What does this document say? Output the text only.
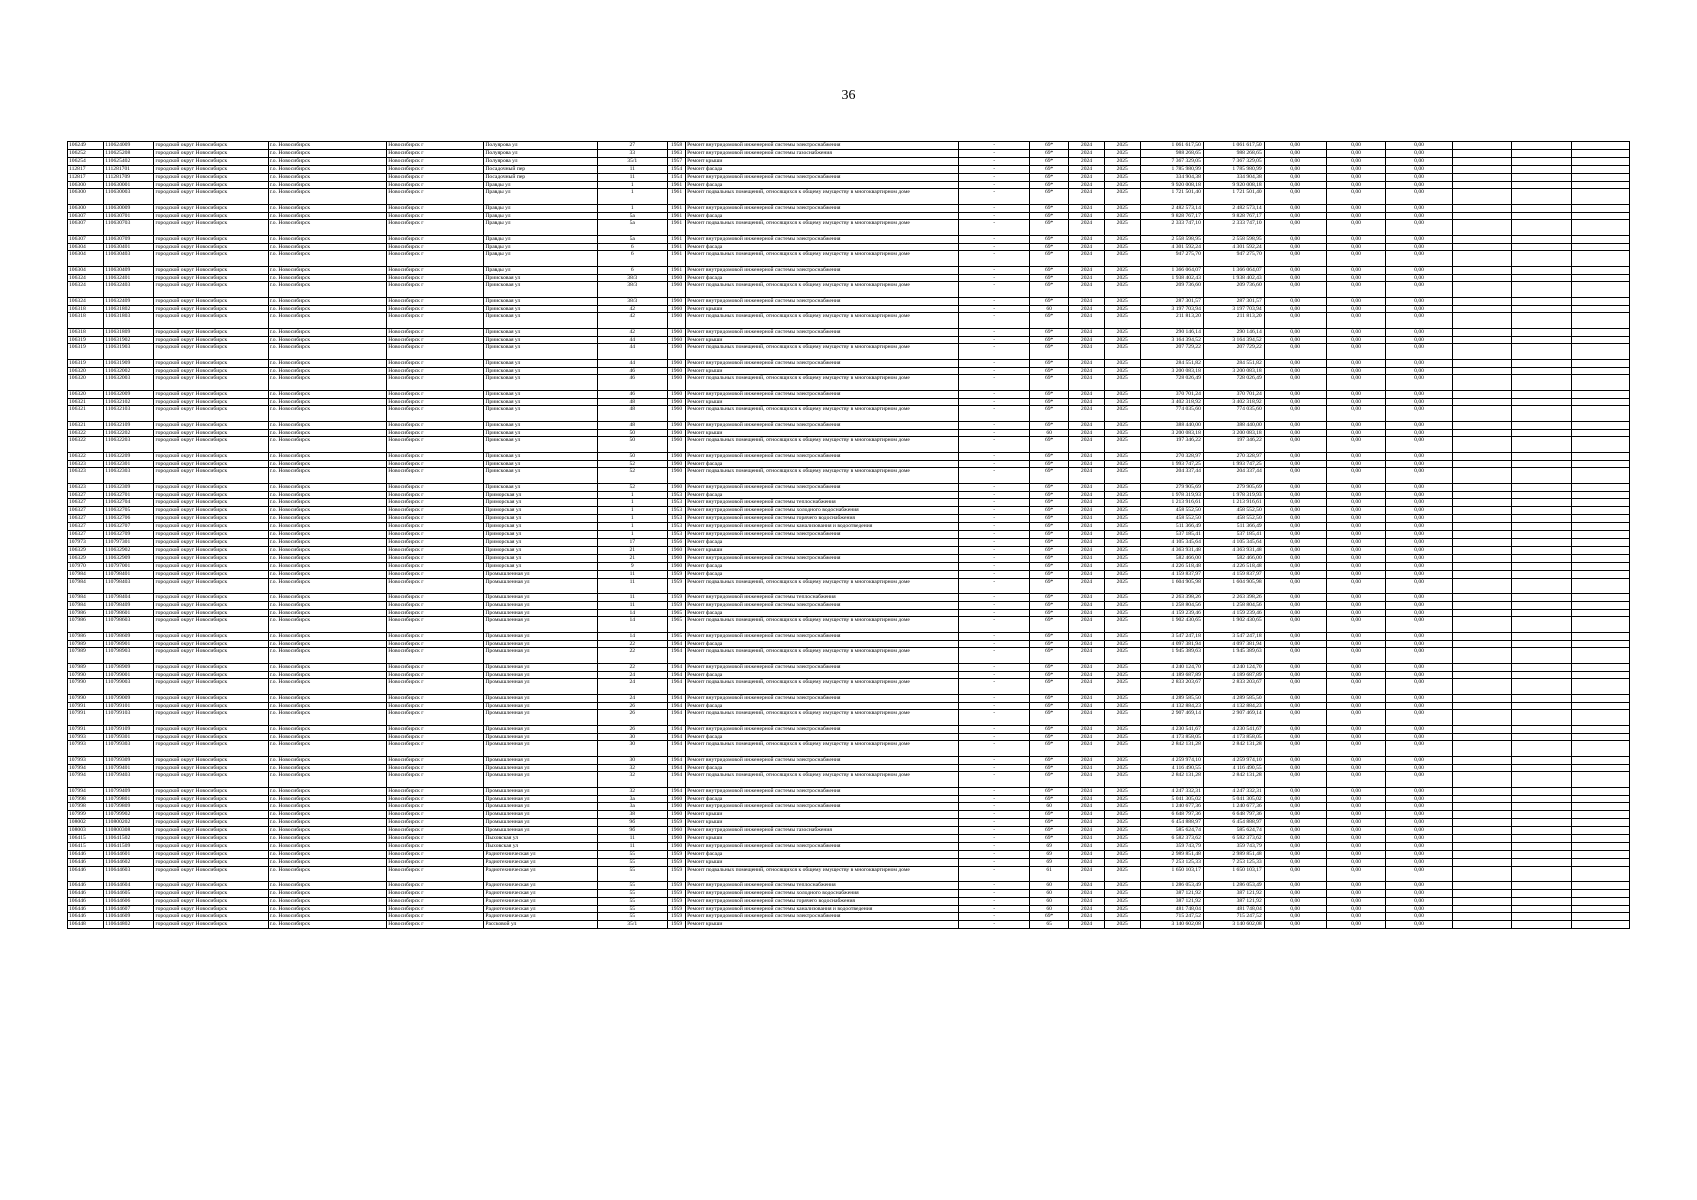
36
106249	110624009	городской округ Новосибирск	г.о. Новосибирск	Новосибирск г	Полуярова ул	27	1958	Ремонт внутридомовой инженерной системы электроснабжения	-	69*	2024	2025	1 061 617,50	1 061 617,50	0,00	0,00	0,00			
106252	110625208	городской округ Новосибирск	г.о. Новосибирск	Новосибирск г	Полуярова ул	33	1963	Ремонт внутридомовой инженерной системы газоснабжения	-	69*	2024	2025	988 268,65	988 268,65	0,00	0,00	0,00			
106254	110625402	городской округ Новосибирск	г.о. Новосибирск	Новосибирск г	Полуярова ул	35/1	1957	Ремонт крыши	-	69*	2024	2025	7 367 329,05	7 367 329,05	0,00	0,00	0,00			
112817	111281701	городской округ Новосибирск	г.о. Новосибирск	Новосибирск г	Посадочный пер	11	1954	Ремонт фасада	-	69*	2024	2025	1 785 980,99	1 785 980,99	0,00	0,00	0,00			
112817	111281709	городской округ Новосибирск	г.о. Новосибирск	Новосибирск г	Посадочный пер	11	1954	Ремонт внутридомовой инженерной системы электроснабжения	-	69*	2024	2025	334 904,38	334 904,38	0,00	0,00	0,00			
106300	110630001	городской округ Новосибирск	г.о. Новосибирск	Новосибирск г	Правды ул	1	1961	Ремонт фасада	-	69*	2024	2025	9 920 008,18	9 920 008,18	0,00	0,00	0,00			
106300	110630003	городской округ Новосибирск	г.о. Новосибирск	Новосибирск г	Правды ул	1	1961	Ремонт подвальных помещений, относящихся к общему имуществу в многоквартирном доме	-	69*	2024	2025	1 721 501,40	1 721 501,40	0,00	0,00	0,00			
106300	110630009	городской округ Новосибирск	г.о. Новосибирск	Новосибирск г	Правды ул	1	1961	Ремонт внутридомовой инженерной системы электроснабжения	-	69*	2024	2025	2 482 573,14	2 482 573,14	0,00	0,00	0,00			
106307	110630701	городской округ Новосибирск	г.о. Новосибирск	Новосибирск г	Правды ул	5а	1961	Ремонт фасада	-	69*	2024	2025	9 828 767,17	9 828 767,17	0,00	0,00	0,00			
106307	110630703	городской округ Новосибирск	г.о. Новосибирск	Новосибирск г	Правды ул	5а	1961	Ремонт подвальных помещений, относящихся к общему имуществу в многоквартирном доме	-	69*	2024	2025	2 333 747,10	2 333 747,10	0,00	0,00	0,00			
106307	110630709	городской округ Новосибирск	г.о. Новосибирск	Новосибирск г	Правды ул	5а	1961	Ремонт внутридомовой инженерной системы электроснабжения	-	69*	2024	2025	2 558 598,95	2 558 598,95	0,00	0,00	0,00			
106304	110630401	городской округ Новосибирск	г.о. Новосибирск	Новосибирск г	Правды ул	6	1961	Ремонт фасада	-	69*	2024	2025	4 301 592,24	4 301 592,24	0,00	0,00	0,00			
106304	110630403	городской округ Новосибирск	г.о. Новосибирск	Новосибирск г	Правды ул	6	1961	Ремонт подвальных помещений, относящихся к общему имуществу в многоквартирном доме	-	69*	2024	2025	947 275,70	947 275,70	0,00	0,00	0,00			
106304	110630409	городской округ Новосибирск	г.о. Новосибирск	Новосибирск г	Правды ул	6	1961	Ремонт внутридомовой инженерной системы электроснабжения	-	69*	2024	2025	1 366 064,07	1 366 064,07	0,00	0,00	0,00			
106324	110632401	городской округ Новосибирск	г.о. Новосибирск	Новосибирск г	Приисковая ул	38/3	1960	Ремонт фасада	-	69*	2024	2025	1 938 402,43	1 938 402,43	0,00	0,00	0,00			
106324	110632403	городской округ Новосибирск	г.о. Новосибирск	Новосибирск г	Приисковая ул	38/3	1960	Ремонт подвальных помещений, относящихся к общему имуществу в многоквартирном доме	-	69*	2024	2025	209 736,60	209 736,60	0,00	0,00	0,00			
106324	110632409	городской округ Новосибирск	г.о. Новосибирск	Новосибирск г	Приисковая ул	38/3	1960	Ремонт внутридомовой инженерной системы электроснабжения	-	69*	2024	2025	287 301,57	287 301,57	0,00	0,00	0,00			
106318	110631802	городской округ Новосибирск	г.о. Новосибирск	Новосибирск г	Приисковая ул	42	1960	Ремонт крыши	-	60	2024	2025	3 197 703,94	3 197 703,94	0,00	0,00	0,00			
106318	110631803	городской округ Новосибирск	г.о. Новосибирск	Новосибирск г	Приисковая ул	42	1960	Ремонт подвальных помещений, относящихся к общему имуществу в многоквартирном доме	-	69*	2024	2025	211 813,20	211 813,20	0,00	0,00	0,00			
106318	110631809	городской округ Новосибирск	г.о. Новосибирск	Новосибирск г	Приисковая ул	42	1960	Ремонт внутридомовой инженерной системы электроснабжения	-	69*	2024	2025	290 146,14	290 146,14	0,00	0,00	0,00			
106319	110631902	городской округ Новосибирск	г.о. Новосибирск	Новосибирск г	Приисковая ул	44	1960	Ремонт крыши	-	69*	2024	2025	3 164 394,52	3 164 394,52	0,00	0,00	0,00			
106319	110631903	городской округ Новосибирск	г.о. Новосибирск	Новосибирск г	Приисковая ул	44	1960	Ремонт подвальных помещений, относящихся к общему имуществу в многоквартирном доме	-	69*	2024	2025	207 729,22	207 729,22	0,00	0,00	0,00			
106319	110631909	городской округ Новосибирск	г.о. Новосибирск	Новосибирск г	Приисковая ул	44	1960	Ремонт внутридомовой инженерной системы электроснабжения	-	69*	2024	2025	284 551,82	284 551,82	0,00	0,00	0,00			
106320	110632002	городской округ Новосибирск	г.о. Новосибирск	Новосибирск г	Приисковая ул	46	1960	Ремонт крыши	-	69*	2024	2025	3 200 083,18	3 200 083,18	0,00	0,00	0,00			
106320	110632003	городской округ Новосибирск	г.о. Новосибирск	Новосибирск г	Приисковая ул	46	1960	Ремонт подвальных помещений, относящихся к общему имуществу в многоквартирном доме	-	69*	2024	2025	728 026,49	728 026,49	0,00	0,00	0,00			
106320	110632009	городской округ Новосибирск	г.о. Новосибирск	Новосибирск г	Приисковая ул	46	1960	Ремонт внутридомовой инженерной системы электроснабжения	-	69*	2024	2025	370 701,24	370 701,24	0,00	0,00	0,00			
106321	110632102	городской округ Новосибирск	г.о. Новосибирск	Новосибирск г	Приисковая ул	48	1960	Ремонт крыши	-	69*	2024	2025	3 402 318,92	3 402 318,92	0,00	0,00	0,00			
106321	110632103	городской округ Новосибирск	г.о. Новосибирск	Новосибирск г	Приисковая ул	48	1960	Ремонт подвальных помещений, относящихся к общему имуществу в многоквартирном доме	-	69*	2024	2025	774 035,60	774 035,60	0,00	0,00	0,00			
106321	110632109	городской округ Новосибирск	г.о. Новосибирск	Новосибирск г	Приисковая ул	48	1960	Ремонт внутридомовой инженерной системы электроснабжения	-	69*	2024	2025	388 440,00	388 440,00	0,00	0,00	0,00			
106322	110632202	городской округ Новосибирск	г.о. Новосибирск	Новосибирск г	Приисковая ул	50	1960	Ремонт крыши	-	60	2024	2025	3 200 083,18	3 200 083,18	0,00	0,00	0,00			
106322	110632203	городской округ Новосибирск	г.о. Новосибирск	Новосибирск г	Приисковая ул	50	1960	Ремонт подвальных помещений, относящихся к общему имуществу в многоквартирном доме	-	69*	2024	2025	197 346,22	197 346,22	0,00	0,00	0,00			
106322	110632209	городской округ Новосибирск	г.о. Новосибирск	Новосибирск г	Приисковая ул	50	1960	Ремонт внутридомовой инженерной системы электроснабжения	-	69*	2024	2025	270 328,97	270 328,97	0,00	0,00	0,00			
106323	110632301	городской округ Новосибирск	г.о. Новосибирск	Новосибирск г	Приисковая ул	52	1960	Ремонт фасада	-	69*	2024	2025	1 993 747,25	1 993 747,25	0,00	0,00	0,00			
106323	110632303	городской округ Новосибирск	г.о. Новосибирск	Новосибирск г	Приисковая ул	52	1960	Ремонт подвальных помещений, относящихся к общему имуществу в многоквартирном доме	-	69*	2024	2025	204 337,44	204 337,44	0,00	0,00	0,00			
106323	110632309	городской округ Новосибирск	г.о. Новосибирск	Новосибирск г	Приисковая ул	52	1960	Ремонт внутридомовой инженерной системы электроснабжения	-	69*	2024	2025	279 905,69	279 905,69	0,00	0,00	0,00			
106327	110632701	городской округ Новосибирск	г.о. Новосибирск	Новосибирск г	Приморская ул	1	1953	Ремонт фасада	-	69*	2024	2025	1 978 319,93	1 978 319,93	0,00	0,00	0,00			
106327	110632704	городской округ Новосибирск	г.о. Новосибирск	Новосибирск г	Приморская ул	1	1953	Ремонт внутридомовой инженерной системы теплоснабжения	-	69*	2024	2025	1 213 916,61	1 213 916,61	0,00	0,00	0,00			
106327	110632705	городской округ Новосибирск	г.о. Новосибирск	Новосибирск г	Приморская ул	1	1953	Ремонт внутридомовой инженерной системы холодного водоснабжения	-	69*	2024	2025	458 552,50	458 552,50	0,00	0,00	0,00			
106327	110632706	городской округ Новосибирск	г.о. Новосибирск	Новосибирск г	Приморская ул	1	1953	Ремонт внутридомовой инженерной системы горячего водоснабжения	-	69*	2024	2025	458 552,50	458 552,50	0,00	0,00	0,00			
106327	110632707	городской округ Новосибирск	г.о. Новосибирск	Новосибирск г	Приморская ул	1	1953	Ремонт внутридомовой инженерной системы канализования и водоотведения	-	69*	2024	2025	511 366,49	511 366,49	0,00	0,00	0,00			
106327	110632709	городской округ Новосибирск	г.о. Новосибирск	Новосибирск г	Приморская ул	1	1953	Ремонт внутридомовой инженерной системы электроснабжения	-	69*	2024	2025	537 185,41	537 185,41	0,00	0,00	0,00			
107973	110797301	городской округ Новосибирск	г.о. Новосибирск	Новосибирск г	Приморская ул	17	1956	Ремонт фасада	-	69*	2024	2025	4 105 345,64	4 105 345,64	0,00	0,00	0,00			
106329	110632902	городской округ Новосибирск	г.о. Новосибирск	Новосибирск г	Приморская ул	21	1960	Ремонт крыши	-	69*	2024	2025	4 363 931,48	4 363 931,48	0,00	0,00	0,00			
106329	110632909	городской округ Новосибирск	г.о. Новосибирск	Новосибирск г	Приморская ул	21	1960	Ремонт внутридомовой инженерной системы электроснабжения	-	69*	2024	2025	582 466,00	582 466,00	0,00	0,00	0,00			
107970	110797001	городской округ Новосибирск	г.о. Новосибирск	Новосибирск г	Приморская ул	9	1960	Ремонт фасада	-	69*	2024	2025	4 226 518,48	4 226 518,48	0,00	0,00	0,00			
107984	110798401	городской округ Новосибирск	г.о. Новосибирск	Новосибирск г	Промышленная ул	11	1959	Ремонт фасада	-	69*	2024	2025	4 159 837,97	4 159 837,97	0,00	0,00	0,00			
107984	110798403	городской округ Новосибирск	г.о. Новосибирск	Новосибирск г	Промышленная ул	11	1959	Ремонт подвальных помещений, относящихся к общему имуществу в многоквартирном доме	-	69*	2024	2025	1 604 905,98	1 604 905,98	0,00	0,00	0,00			
107984	110798404	городской округ Новосибирск	г.о. Новосибирск	Новосибирск г	Промышленная ул	11	1959	Ремонт внутридомовой инженерной системы теплоснабжения	-	69*	2024	2025	2 263 398,26	2 263 398,26	0,00	0,00	0,00			
107984	110798409	городской округ Новосибирск	г.о. Новосибирск	Новосибирск г	Промышленная ул	11	1959	Ремонт внутридомовой инженерной системы электроснабжения	-	69*	2024	2025	1 258 804,56	1 258 804,56	0,00	0,00	0,00			
107986	110798601	городской округ Новосибирск	г.о. Новосибирск	Новосибирск г	Промышленная ул	14	1965	Ремонт фасада	-	69*	2024	2025	4 159 239,46	4 159 239,46	0,00	0,00	0,00			
107986	110798603	городской округ Новосибирск	г.о. Новосибирск	Новосибирск г	Промышленная ул	14	1965	Ремонт подвальных помещений, относящихся к общему имуществу в многоквартирном доме	-	69*	2024	2025	1 902 430,65	1 902 430,65	0,00	0,00	0,00			
107986	110798609	городской округ Новосибирск	г.о. Новосибирск	Новосибирск г	Промышленная ул	14	1965	Ремонт внутридомовой инженерной системы электроснабжения	-	69*	2024	2025	3 547 247,18	3 547 247,18	0,00	0,00	0,00			
107989	110798901	городской округ Новосибирск	г.о. Новосибирск	Новосибирск г	Промышленная ул	22	1964	Ремонт фасада	-	69*	2024	2025	4 097 381,94	4 097 381,94	0,00	0,00	0,00			
107989	110798903	городской округ Новосибирск	г.о. Новосибирск	Новосибирск г	Промышленная ул	22	1964	Ремонт подвальных помещений, относящихся к общему имуществу в многоквартирном доме	-	69*	2024	2025	1 945 389,63	1 945 389,63	0,00	0,00	0,00			
107989	110798909	городской округ Новосибирск	г.о. Новосибирск	Новосибирск г	Промышленная ул	22	1964	Ремонт внутридомовой инженерной системы электроснабжения	-	69*	2024	2025	4 240 124,70	4 240 124,70	0,00	0,00	0,00			
107990	110799001	городской округ Новосибирск	г.о. Новосибирск	Новосибирск г	Промышленная ул	24	1964	Ремонт фасада	-	69*	2024	2025	4 189 687,89	4 189 687,89	0,00	0,00	0,00			
107990	110799003	городской округ Новосибирск	г.о. Новосибирск	Новосибирск г	Промышленная ул	24	1964	Ремонт подвальных помещений, относящихся к общему имуществу в многоквартирном доме	-	69*	2024	2025	2 833 203,67	2 833 203,67	0,00	0,00	0,00			
107990	110799009	городской округ Новосибирск	г.о. Новосибирск	Новосибирск г	Промышленная ул	24	1964	Ремонт внутридомовой инженерной системы электроснабжения	-	69*	2024	2025	4 289 585,50	4 289 585,50	0,00	0,00	0,00			
107991	110799101	городской округ Новосибирск	г.о. Новосибирск	Новосибирск г	Промышленная ул	26	1964	Ремонт фасада	-	69*	2024	2025	4 132 884,23	4 132 884,23	0,00	0,00	0,00			
107991	110799103	городской округ Новосибирск	г.о. Новосибирск	Новосибирск г	Промышленная ул	26	1964	Ремонт подвальных помещений, относящихся к общему имуществу в многоквартирном доме	-	69*	2024	2025	2 907 469,14	2 907 469,14	0,00	0,00	0,00			
107991	110799109	городской округ Новосибирск	г.о. Новосибирск	Новосибирск г	Промышленная ул	26	1964	Ремонт внутридомовой инженерной системы электроснабжения	-	69*	2024	2025	4 230 541,67	4 230 541,67	0,00	0,00	0,00			
107993	110799301	городской округ Новосибирск	г.о. Новосибирск	Новосибирск г	Промышленная ул	30	1964	Ремонт фасада	-	69*	2024	2025	4 173 858,05	4 173 858,05	0,00	0,00	0,00			
107993	110799303	городской округ Новосибирск	г.о. Новосибирск	Новосибирск г	Промышленная ул	30	1964	Ремонт подвальных помещений, относящихся к общему имуществу в многоквартирном доме	-	69*	2024	2025	2 842 131,28	2 842 131,28	0,00	0,00	0,00			
107993	110799309	городской округ Новосибирск	г.о. Новосибирск	Новосибирск г	Промышленная ул	30	1964	Ремонт внутридомовой инженерной системы электроснабжения	-	69*	2024	2025	4 259 974,10	4 259 974,10	0,00	0,00	0,00			
107994	110799401	городской округ Новосибирск	г.о. Новосибирск	Новосибирск г	Промышленная ул	32	1964	Ремонт фасада	-	69*	2024	2025	4 116 490,55	4 116 490,55	0,00	0,00	0,00			
107994	110799403	городской округ Новосибирск	г.о. Новосибирск	Новосибирск г	Промышленная ул	32	1964	Ремонт подвальных помещений, относящихся к общему имуществу в многоквартирном доме	-	69*	2024	2025	2 842 131,28	2 842 131,28	0,00	0,00	0,00			
107994	110799409	городской округ Новосибирск	г.о. Новосибирск	Новосибирск г	Промышленная ул	32	1964	Ремонт внутридомовой инженерной системы электроснабжения	-	69*	2024	2025	4 247 332,31	4 247 332,31	0,00	0,00	0,00			
107998	110799801	городской округ Новосибирск	г.о. Новосибирск	Новосибирск г	Промышленная ул	3а	1960	Ремонт фасада	-	69*	2024	2025	5 041 305,02	5 041 305,02	0,00	0,00	0,00			
107998	110799809	городской округ Новосибирск	г.о. Новосибирск	Новосибирск г	Промышленная ул	3а	1960	Ремонт внутридомовой инженерной системы электроснабжения	-	60	2024	2025	1 240 677,36	1 240 677,36	0,00	0,00	0,00			
107999	110799902	городской округ Новосибирск	г.о. Новосибирск	Новосибирск г	Промышленная ул	38	1960	Ремонт крыши	-	69*	2024	2025	6 648 797,36	6 648 797,36	0,00	0,00	0,00			
108002	110800202	городской округ Новосибирск	г.о. Новосибирск	Новосибирск г	Промышленная ул	9б	1959	Ремонт крыши	-	69*	2024	2025	6 454 888,97	6 454 888,97	0,00	0,00	0,00			
108003	110800308	городской округ Новосибирск	г.о. Новосибирск	Новосибирск г	Промышленная ул	9б	1960	Ремонт внутридомовой инженерной системы газоснабжения	-	69*	2024	2025	585 624,74	585 624,74	0,00	0,00	0,00			
106415	110641502	городской округ Новосибирск	г.о. Новосибирск	Новосибирск г	Пыховская ул	11	1960	Ремонт крыши	-	69*	2024	2025	6 582 373,62	6 582 373,62	0,00	0,00	0,00			
106415	110641509	городской округ Новосибирск	г.о. Новосибирск	Новосибирск г	Пыховская ул	11	1960	Ремонт внутридомовой инженерной системы электроснабжения	-	69	2024	2025	359 743,79	359 743,79	0,00	0,00	0,00			
106446	110644601	городской округ Новосибирск	г.о. Новосибирск	Новосибирск г	Радиотехническая ул	55	1959	Ремонт фасада	-	69	2024	2025	2 989 851,48	2 989 851,48	0,00	0,00	0,00			
106446	110644602	городской округ Новосибирск	г.о. Новосибирск	Новосибирск г	Радиотехническая ул	55	1959	Ремонт крыши	-	69	2024	2025	7 253 125,33	7 253 125,33	0,00	0,00	0,00			
106446	110644603	городской округ Новосибирск	г.о. Новосибирск	Новосибирск г	Радиотехническая ул	55	1959	Ремонт подвальных помещений, относящихся к общему имуществу в многоквартирном доме	-	61	2024	2025	1 650 103,17	1 650 103,17	0,00	0,00	0,00			
106446	110644604	городской округ Новосибирск	г.о. Новосибирск	Новосибирск г	Радиотехническая ул	55	1959	Ремонт внутридомовой инженерной системы теплоснабжения	-	60	2024	2025	1 286 053,49	1 286 053,49	0,00	0,00	0,00			
106446	110644605	городской округ Новосибирск	г.о. Новосибирск	Новосибирск г	Радиотехническая ул	55	1959	Ремонт внутридомовой инженерной системы холодного водоснабжения	-	60	2024	2025	387 121,92	387 121,92	0,00	0,00	0,00			
106446	110644606	городской округ Новосибирск	г.о. Новосибирск	Новосибирск г	Радиотехническая ул	55	1959	Ремонт внутридомовой инженерной системы горячего водоснабжения	-	60	2024	2025	387 121,92	387 121,92	0,00	0,00	0,00			
106446	110644607	городской округ Новосибирск	г.о. Новосибирск	Новосибирск г	Радиотехническая ул	55	1959	Ремонт внутридомовой инженерной системы канализования и водоотведения	-	60	2024	2025	481 748,04	481 748,04	0,00	0,00	0,00			
106446	110644609	городской округ Новосибирск	г.о. Новосибирск	Новосибирск г	Радиотехническая ул	55	1959	Ремонт внутридомовой инженерной системы электроснабжения	-	69*	2024	2025	715 247,52	715 247,52	0,00	0,00	0,00			
106448	110644802	городской округ Новосибирск	г.о. Новосибирск	Новосибирск г	Рассковой ул	35/1	1959	Ремонт крыши	-	65	2024	2025	3 140 602,08	3 140 602,08	0,00	0,00	0,00			
